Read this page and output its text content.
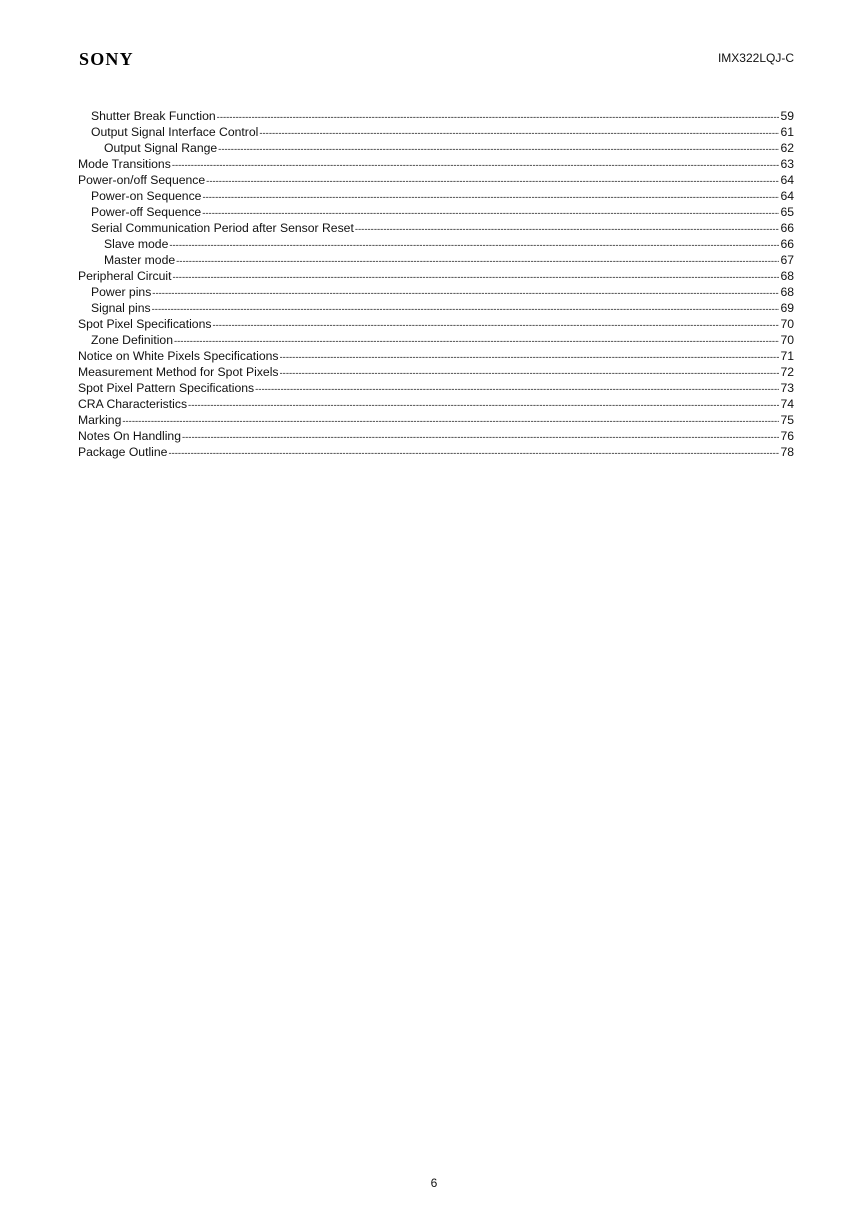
SONY	IMX322LQJ-C
Shutter Break Function -----	59
Output Signal Interface Control -----	61
Output Signal Range -----	62
Mode Transitions -----	63
Power-on/off Sequence -----	64
Power-on Sequence -----	64
Power-off Sequence -----	65
Serial Communication Period after Sensor Reset -----	66
Slave mode -----	66
Master mode -----	67
Peripheral Circuit -----	68
Power pins -----	68
Signal pins -----	69
Spot Pixel Specifications -----	70
Zone Definition -----	70
Notice on White Pixels Specifications -----	71
Measurement Method for Spot Pixels -----	72
Spot Pixel Pattern Specifications -----	73
CRA Characteristics -----	74
Marking -----	75
Notes On Handling -----	76
Package Outline -----	78
6
